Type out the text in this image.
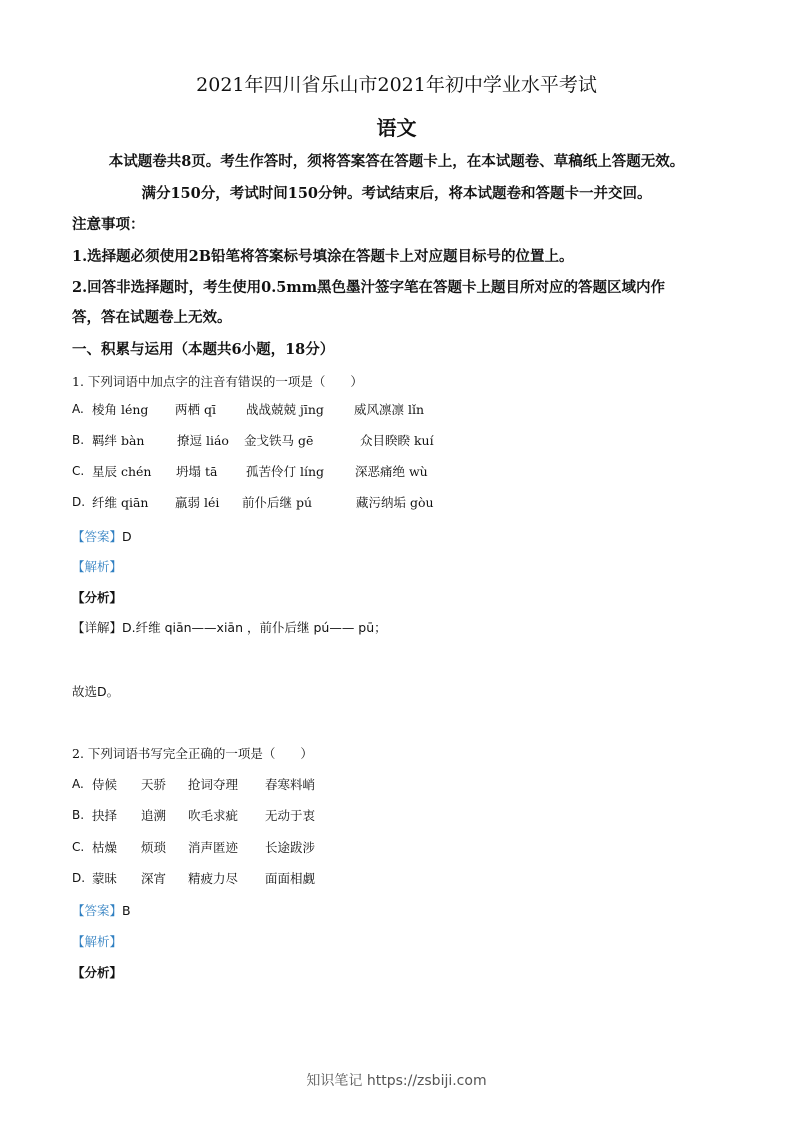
2021年四川省乐山市2021年初中学业水平考试
语文
本试题卷共8页。考生作答时，须将答案答在答题卡上，在本试题卷、草稿纸上答题无效。
满分150分，考试时间150分钟。考试结束后，将本试题卷和答题卡一并交回。
注意事项：
1.选择题必须使用2B铅笔将答案标号填涂在答题卡上对应题目标号的位置上。
2.回答非选择题时，考生使用0.5mm黑色墨汁签字笔在答题卡上题目所对应的答题区域内作
答，答在试题卷上无效。
一、积累与运用（本题共6小题，18分）
1. 下列词语中加点字的注音有错误的一项是（　　）
A. 棱角 léng 两栖 qī 战战兢兢 jīng 威风凛凛 lǐn
B. 羁绊 bàn	撩逗 liáo 金戈铁马 gē	众目睽睽 kuí
C. 星辰 chén 坍塌 tā 孤苦伶仃 líng 深恶痛绝 wù
D. 纤维 qiān 羸弱 léi 前仆后继 pú	藏污纳垢 gòu
【答案】D
【解析】
【分析】
【详解】D.纤维 qiān——xiān ，前仆后继 pú—— pū；
故选D。
2. 下列词语书写完全正确的一项是（　　）
A. 侍候 天骄 抢词夺理 春寒料峭
B. 抉择 追溯 吹毛求疵 无动于衷
C. 枯燥 烦琐 消声匿迹 长途跋涉
D. 蒙昧 深宵 精疲力尽 面面相觑
【答案】B
【解析】
【分析】
知识笔记 https://zsbiji.com
